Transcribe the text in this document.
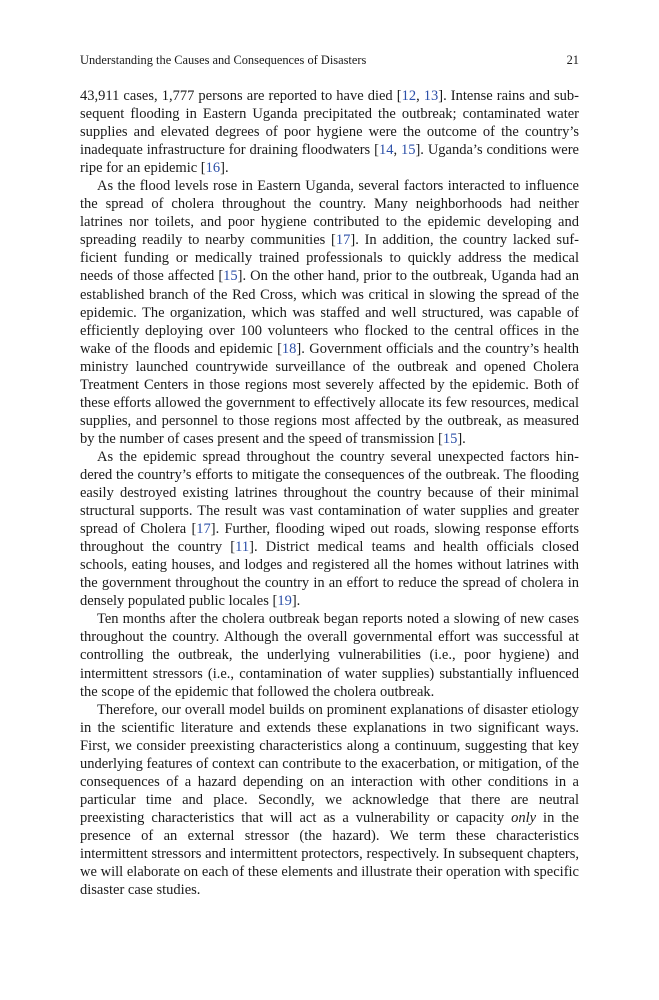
Understanding the Causes and Consequences of Disasters	21

43,911 cases, 1,777 persons are reported to have died [12, 13]. Intense rains and subsequent flooding in Eastern Uganda precipitated the outbreak; contaminated water supplies and elevated degrees of poor hygiene were the outcome of the country’s inadequate infrastructure for draining floodwaters [14, 15]. Uganda’s conditions were ripe for an epidemic [16].

As the flood levels rose in Eastern Uganda, several factors interacted to influence the spread of cholera throughout the country. Many neighborhoods had neither latrines nor toilets, and poor hygiene contributed to the epidemic developing and spreading readily to nearby communities [17]. In addition, the country lacked sufficient funding or medically trained professionals to quickly address the medical needs of those affected [15]. On the other hand, prior to the outbreak, Uganda had an established branch of the Red Cross, which was critical in slowing the spread of the epidemic. The organization, which was staffed and well structured, was capable of efficiently deploying over 100 volunteers who flocked to the central offices in the wake of the floods and epidemic [18]. Government officials and the country’s health ministry launched countrywide surveillance of the outbreak and opened Cholera Treatment Centers in those regions most severely affected by the epidemic. Both of these efforts allowed the government to effectively allocate its few resources, medical supplies, and personnel to those regions most affected by the outbreak, as measured by the number of cases present and the speed of transmission [15].

As the epidemic spread throughout the country several unexpected factors hindered the country’s efforts to mitigate the consequences of the outbreak. The flooding easily destroyed existing latrines throughout the country because of their minimal structural supports. The result was vast contamination of water supplies and greater spread of Cholera [17]. Further, flooding wiped out roads, slowing response efforts throughout the country [11]. District medical teams and health officials closed schools, eating houses, and lodges and registered all the homes without latrines with the government throughout the country in an effort to reduce the spread of cholera in densely populated public locales [19].

Ten months after the cholera outbreak began reports noted a slowing of new cases throughout the country. Although the overall governmental effort was successful at controlling the outbreak, the underlying vulnerabilities (i.e., poor hygiene) and intermittent stressors (i.e., contamination of water supplies) substantially influenced the scope of the epidemic that followed the cholera outbreak.

Therefore, our overall model builds on prominent explanations of disaster etiology in the scientific literature and extends these explanations in two significant ways. First, we consider preexisting characteristics along a continuum, suggesting that key underlying features of context can contribute to the exacerbation, or mitigation, of the consequences of a hazard depending on an interaction with other conditions in a particular time and place. Secondly, we acknowledge that there are neutral preexisting characteristics that will act as a vulnerability or capacity only in the presence of an external stressor (the hazard). We term these characteristics intermittent stressors and intermittent protectors, respectively. In subsequent chapters, we will elaborate on each of these elements and illustrate their operation with specific disaster case studies.
